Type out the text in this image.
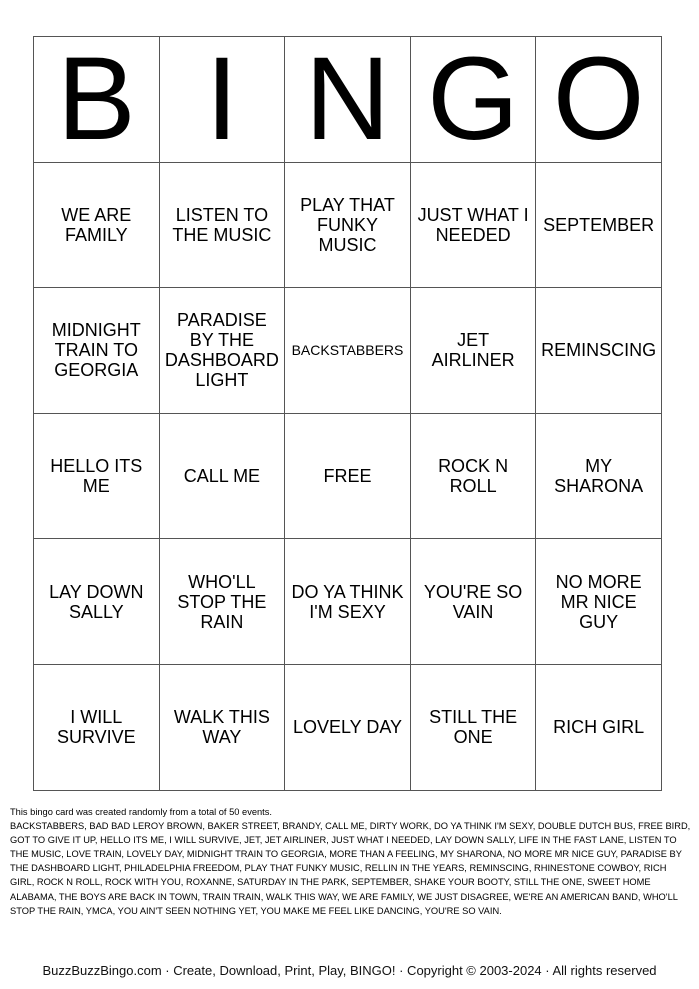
B	I	N	G	O
WE ARE FAMILY	LISTEN TO THE MUSIC	PLAY THAT FUNKY MUSIC	JUST WHAT I NEEDED	SEPTEMBER
MIDNIGHT TRAIN TO GEORGIA	PARADISE BY THE DASHBOARD LIGHT	BACKSTABBERS	JET AIRLINER	REMINSCING
HELLO ITS ME	CALL ME	FREE	ROCK N ROLL	MY SHARONA
LAY DOWN SALLY	WHO'LL STOP THE RAIN	DO YA THINK I'M SEXY	YOU'RE SO VAIN	NO MORE MR NICE GUY
I WILL SURVIVE	WALK THIS WAY	LOVELY DAY	STILL THE ONE	RICH GIRL
This bingo card was created randomly from a total of 50 events.
BACKSTABBERS, BAD BAD LEROY BROWN, BAKER STREET, BRANDY, CALL ME, DIRTY WORK, DO YA THINK I'M SEXY, DOUBLE DUTCH BUS, FREE BIRD, GOT TO GIVE IT UP, HELLO ITS ME, I WILL SURVIVE, JET, JET AIRLINER, JUST WHAT I NEEDED, LAY DOWN SALLY, LIFE IN THE FAST LANE, LISTEN TO THE MUSIC, LOVE TRAIN, LOVELY DAY, MIDNIGHT TRAIN TO GEORGIA, MORE THAN A FEELING, MY SHARONA, NO MORE MR NICE GUY, PARADISE BY THE DASHBOARD LIGHT, PHILADELPHIA FREEDOM, PLAY THAT FUNKY MUSIC, RELLIN IN THE YEARS, REMINSCING, RHINESTONE COWBOY, RICH GIRL, ROCK N ROLL, ROCK WITH YOU, ROXANNE, SATURDAY IN THE PARK, SEPTEMBER, SHAKE YOUR BOOTY, STILL THE ONE, SWEET HOME ALABAMA, THE BOYS ARE BACK IN TOWN, TRAIN TRAIN, WALK THIS WAY, WE ARE FAMILY, WE JUST DISAGREE, WE'RE AN AMERICAN BAND, WHO'LL STOP THE RAIN, YMCA, YOU AIN'T SEEN NOTHING YET, YOU MAKE ME FEEL LIKE DANCING, YOU'RE SO VAIN.
BuzzBuzzBingo.com · Create, Download, Print, Play, BINGO! · Copyright © 2003-2024 · All rights reserved
